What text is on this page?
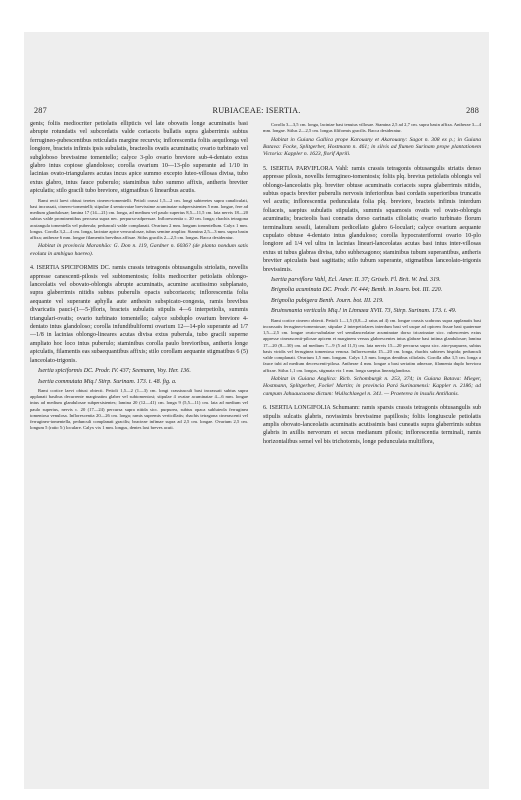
287	RUBIACEAE: ISERTIA.	288

genis; foliis mediocriter petiolatis ellipticis vel late obovatis longe acuminatis basi abrupte rotundatis vel subcordatis valde coriaceis bullatis supra glaberrimis subtus ferrugineo-pubescentibus reticulatis margine recurvis; inflorescentia foliis aequilonga vel longiore, bracteis infimis ipsis subulatis, bracteolis ovatis acuminatis; ovario turbinato vel subgloboso brevissime tomentello; calyce 3-plo ovario breviore sub-4-dentato extus glabro intus copiose glandoloso; corolla ovarium 10—13-plo superante ad 1/10 in lacinias ovato-triangulares acutas incus apice summo excepto luteo-villosas divisa, tubo extus glabro, intus fauce puberulo; staminibus tubo summo affixis, antheris breviter apiculatis; stilo gracili tubo breviore, stigmatibus 6 linearibus acutis.

Rami recti laevi obtusi teretes cinereo-tomentelli. Petioli crassi 1,5—2 cm. longi subteretes supra canaliculati, basi incrassati, cinereo-tomentelli; stipulae 4 semiovatae brevissime acuminatae subpersistentes 5 mm. longae, fere ad medium glandulosae; lamina 17 (14—21) cm. longa, ad medium vel paulo superius 8,5—11,5 cm. lata nervis 18—20 subtus valde prominentibus percursa supra nec. perpurso-adpressae. Inflorescentia c. 20 cm. longa; rhachis tetragona acutangula tomentella vel puberula; pedunculi valde complanati. Ovarium 2 mm. longum tomentellum. Calyx 1 mm. longus. Corolla 3,2—4 cm. longa, laciniae apice verruculosae, tubus semine amplior. Stamina 2,5—3 mm. supra basin affixa; antherae 6 mm. longae filamentis brevibus affixae. Stilus gracilis 2—2,5 cm. longus. Bacca desideratur.

Habitat in provincia Maranhão: G. Don n. 119, Gardner n. 6036? (de planta nondum satis evoluta in ambiguo haereo).

4. ISERTIA SPICIFORMIS DC. ramis crassis tetragonis obtusangulis striolatis, novellis appresse canescenti-pilosis vel subtomentosis; foliis mediocriter petiolatis oblongo-lanceolatis vel obovato-oblongis abrupte acuminatis, acumine acutissimo subplanato, supra glaberrimis nitidis subtus puberulis opacis subcoriaceis; inflorescentia folia aequante vel superante aphylla aute anthesin subspicato-congesta, ramis brevibus divaricatis pauci-(1—5-)floris, bracteis subulatis stipulis 4—6 interpetiolis, summis triangulari-ovatis; ovario turbinato tomentello; calyce subduplo ovarium breviore 4-dentato intus glandoloso; corolla infundibuliformi ovarium 12—14-plo superante ad 1/7—1/8 in lacinias oblongo-lineares acutas divisa extus puberula, tubo gracili superne ampliato hoc loco intus puberulo; staminibus corolla paulo brevioribus, antheris longe apiculatis, filamentis eas subaequantibus affixis; stilo corollam aequante stigmatibus 6 (5) lanceolato-trigonis.

Isertia spiciformis DC. Prodr. IV. 437; Seemann, Voy. Her. 136.

Isertia commutata Miq.! Stirp. Surinam. 173. t. 48. fig. a.

Rami cortice laevi obtusi obtecti. Petioli 1,5—2 (1—3) cm. longi crassiusculi basi incrassati subtus supra applanati basibus decurrente marginatim glaber vel subtomentosi; stipulae 4 ovatae acuminatae 4—6 mm. longae intus ad medium glandulosae subpersistentes; lamina 20 (12—41) cm. longa 9 (5,5—11) cm. lata ad medium vel paulo superius, nervis c. 20 (17—24) percursa supra nitida sicc. purpurea, subtus opaca subluteola ferruginea tomentosa venulosa. Inflorescentia 20—26 cm. longa; ramis supremis verticillatis; rhachis tetragona cinerascenti vel ferrugineo-tomentella, pedunculi complanati gracilis; bracteae infimae supra ad 2,5 cm. longae. Ovarium 2,5 cm. longum 5 (ratio 5:) loculare. Calyx vix 1 mm. longus, dentes laxi breves acuti.

Corolla 3—3,5 cm. longa, laciniae basi tenuius villosae. Stamina 2,5 ad 2,7 cm. supra basin affixa. Antherae 3—4 mm. longae. Stilus 2—2,5 cm. longus filiformis gracilis. Bacca desideratur.

Habitat in Guiana Gallica prope Karouany et Akarouany: Sagot n. 308 ex p.; in Guiana Batava: Focke, Splitgerber, Hostmann n. 461; in silvis ad flumen Surinam prope plantationem Victoria: Kappler n. 1623, florif Aprili.

5. ISERTIA PARVIFLORA Vahl: ramis crassis tetragonis obtusangulis striatis denso appresse pilosis, novellis ferrugineo-tomentosis; foliis plq. brevius petiolatis oblongis vel oblongo-lanceolatis plq. breviter obtuse acuminatis coriaceis supra glaberrimis nitidis, subtus opacis breviter puberulis nervosis inferioribus basi cordatis superioribus truncatis vel acutis; inflorescentia pedunculata folia plq. breviore, bracteis infimis interdum foliaceis, saepius subulatis stipulatis, summis squamosis ovatis vel ovato-oblongis acuminatis; bracteolis basi connatis dorso carinatis ciliolatis; ovario turbinato florum terminalium sessili, lateralium pedicellato glabro 6-loculari; calyce ovarium aequante cupulato obtuse 4-dentato intus glanduloso; corolla hypocrateriformi ovario 10-plo longiore ad 1/4 vel ultra in lacinias lineari-lanceolatas acutas basi intus inter-villosas extus ut tubus glabras divisa, tubo subhexagono; staminibus tubum superantibus, antheris breviter apiculatis basi sagittatis; stilo tubum superante, stigmatibus lanceolato-trigonis brevissimis.

Isertia parviflora Vahl, Ecl. Amer. II. 37; Griseb. Fl. Brit. W. Ind. 319.

Brignolia acuminata DC. Prodr. IV. 444; Benth. in Journ. bot. III. 220.

Brignolia pubigera Benth. Journ. bot. III. 219.

Bruinsmania verticalis Miq.! in Linnaea XVII. 73, Stirp. Surinam. 173. t. 49.

Rami cortice cinereo obtecti. Petioli 1—1,5 (0,8—2 raius ad 4) cm. longae crassis scabrous supra applanatis basi incrassatis ferrugineo-tomentosae; stipulae 2 interpetiolares interdum basi vel usque ad opicem fissae basi quaternae 1,5—2,5 cm. longae ovato-subulatae vel semilanceolatae acuminatae dorso tricarinatae sicc. rubescentes extus appresse cinerascenti-pilosae apicem et marginem versus glabrescentes intus glabrae basi intima glandulosae; lamina 17—20 (8—30) cm. ad medium 7—9 (5 ad 11,5) cm. lata nervis 15—20 percursa supra sicc. atro-purpurea, subtus basis viridis vel ferruginea tomentosa venosa. Inflorescentia 15—20 cm. longa, rhachis subteres hispida; pedunculi valde complanati. Ovarium 1,5 mm. longum. Calyx 1,5 mm. longus dentibus ciliolatis. Corolla alba 1,5 cm. longa a fauce tubi ad medium decrescenti-pilosa. Antherae 4 mm. longae a basi seriatim adnexae, filamenta duplo breviora affixae. Stilus 1,1 cm. longus, stigmata vix 1 mm. longa saepius lineariglandosa.

Habitat in Guiana Anglica: Rich. Schomburgk n. 253, 374; in Guiana Batava: Mieger, Hostmann, Splitgerber, Focke! Martin; in provincia Pará Surinamensi: Kappler n. 2186; ad campum Jahuaucuoma dictum: Wullschlaegel n. 341. — Praeterea in insulis Antillanis.

6. ISERTIA LONGIFOLIA Schumann: ramis sparsis crassis tetragonis obtusangulis sub stipulis sulcatis glabris, novissimis brevissime papillosis; foliis longiuscule petiolatis amplis obovato-lanceolatis acuminatis acutissimis basi cuneatis supra glaberrimis subtus glabris in axillis nervorum et secus medianum pilosis; inflorescentia terminali, ramis horizontalibus semel vel bis trichotomis, longe pedunculata multiflora,
